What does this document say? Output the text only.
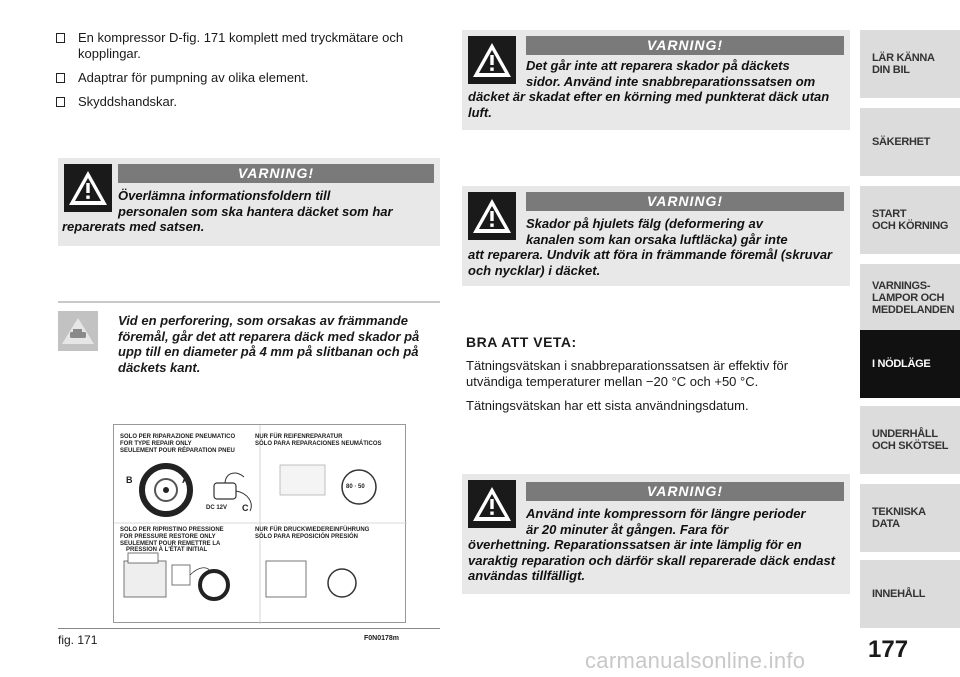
En kompressor D-fig. 171 komplett med tryckmätare och kopplingar.
Adaptrar för pumpning av olika element.
Skyddshandskar.
VARNING!
Överlämna informationsfoldern till
personalen som ska hantera däcket som har
reparerats med satsen.
Vid en perforering, som orsakas av främmande föremål, går det att reparera däck med skador på upp till en diameter på 4 mm på slitbanan och på däckets kant.
SOLO PER RIPARAZIONE PNEUMATICO
FOR TYPE REPAIR ONLY
SEULEMENT POUR RÉPARATION PNEU
NUR FÜR REIFENREPARATUR
SÓLO PARA REPARACIONES NEUMÁTICOS
SOLO PER RIPRISTINO PRESSIONE
FOR PRESSURE RESTORE ONLY
SEULEMENT POUR REMETTRE LA
PRESSION À L'ÉTAT INITIAL
NUR FÜR DRUCKWIEDEREINFÜHRUNG
SÓLO PARA REPOSICIÓN PRESIÓN
A
B
C
DC 12V
80 · 50
fig. 171	F0N0178m
VARNING!
Det går inte att reparera skador på däckets
sidor. Använd inte snabbreparationssatsen om
däcket är skadat efter en körning med punkterat däck utan luft.
VARNING!
Skador på hjulets fälg (deformering av
kanalen som kan orsaka luftläcka) går inte
att reparera. Undvik att föra in främmande föremål (skruvar och nycklar) i däcket.
BRA ATT VETA:

Tätningsvätskan i snabbreparationssatsen är effektiv för utvändiga temperaturer mellan −20 °C och +50 °C.

Tätningsvätskan har ett sista användningsdatum.

VARNING!
Använd inte kompressorn för längre perioder
är 20 minuter åt gången. Fara för
överhettning. Reparationssatsen är inte lämplig för en varaktig reparation och därför skall reparerade däck endast användas tillfälligt.
LÄR KÄNNA
DIN BIL
SÄKERHET
START
OCH KÖRNING
VARNINGS-
LAMPOR OCH
MEDDELANDEN
I NÖDLÄGE
UNDERHÅLL
OCH SKÖTSEL
TEKNISKA DATA
INNEHÅLL
177
carmanualsonline.info
